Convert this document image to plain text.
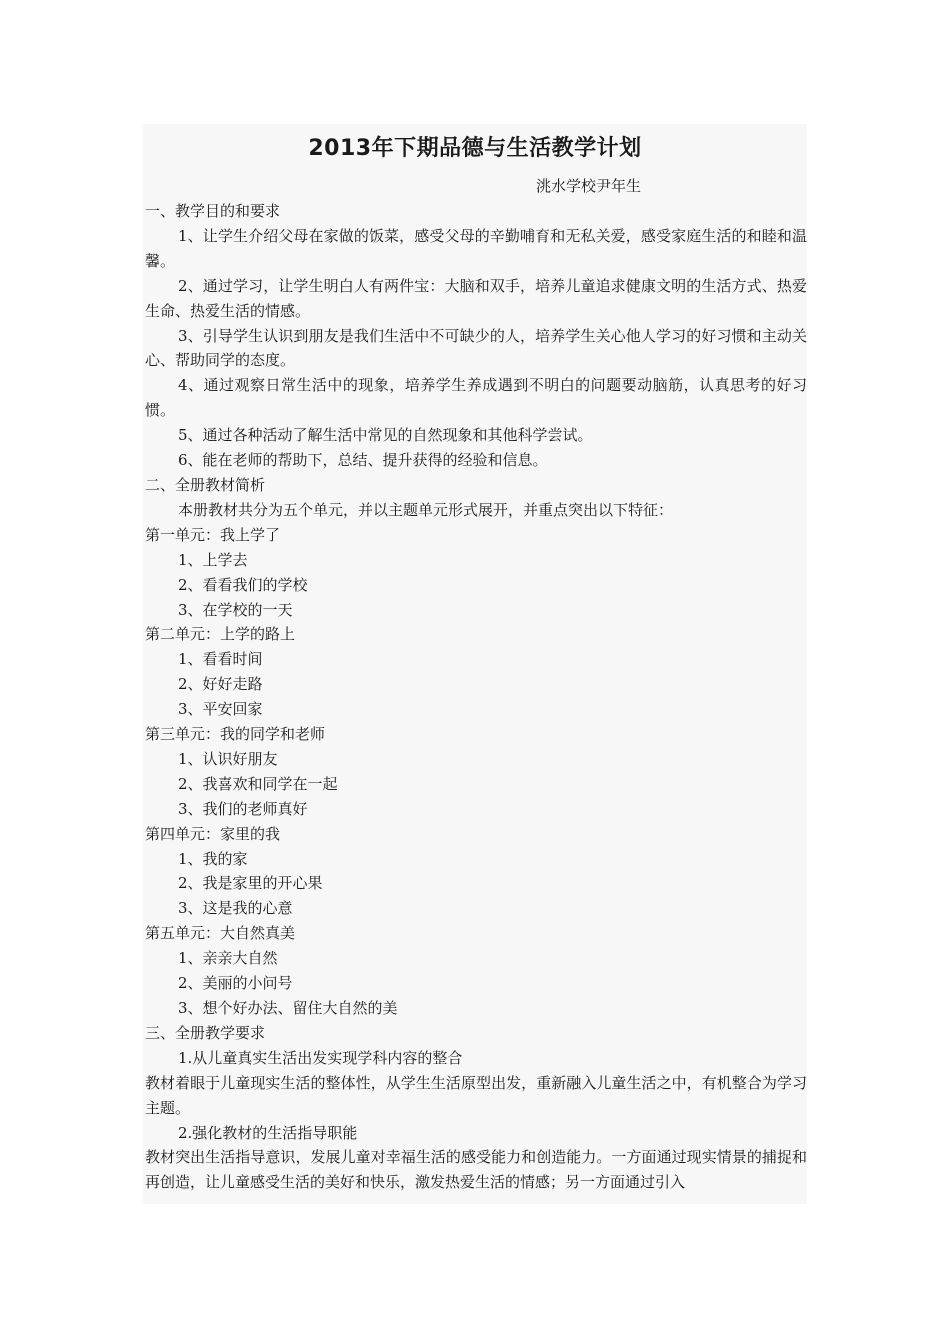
2013年下期品德与生活教学计划
洮水学校尹年生

一、教学目的和要求

1、让学生介绍父母在家做的饭菜，感受父母的辛勤哺育和无私关爱，感受家庭生活的和睦和温馨。

2、通过学习，让学生明白人有两件宝：大脑和双手，培养儿童追求健康文明的生活方式、热爱生命、热爱生活的情感。

3、引导学生认识到朋友是我们生活中不可缺少的人，培养学生关心他人学习的好习惯和主动关心、帮助同学的态度。

4、通过观察日常生活中的现象，培养学生养成遇到不明白的问题要动脑筋，认真思考的好习惯。

5、通过各种活动了解生活中常见的自然现象和其他科学尝试。

6、能在老师的帮助下，总结、提升获得的经验和信息。

二、全册教材简析

本册教材共分为五个单元，并以主题单元形式展开，并重点突出以下特征：

第一单元：我上学了

1、上学去

2、看看我们的学校

3、在学校的一天

第二单元：上学的路上

1、看看时间

2、好好走路

3、平安回家

第三单元：我的同学和老师

1、认识好朋友

2、我喜欢和同学在一起

3、我们的老师真好

第四单元：家里的我

1、我的家

2、我是家里的开心果

3、这是我的心意

第五单元：大自然真美

1、亲亲大自然

2、美丽的小问号

3、想个好办法、留住大自然的美

三、全册教学要求

1.从儿童真实生活出发实现学科内容的整合

教材着眼于儿童现实生活的整体性，从学生生活原型出发，重新融入儿童生活之中，有机整合为学习主题。

2.强化教材的生活指导职能

教材突出生活指导意识，发展儿童对幸福生活的感受能力和创造能力。一方面通过现实情景的捕捉和再创造，让儿童感受生活的美好和快乐，激发热爱生活的情感；另一方面通过引入
